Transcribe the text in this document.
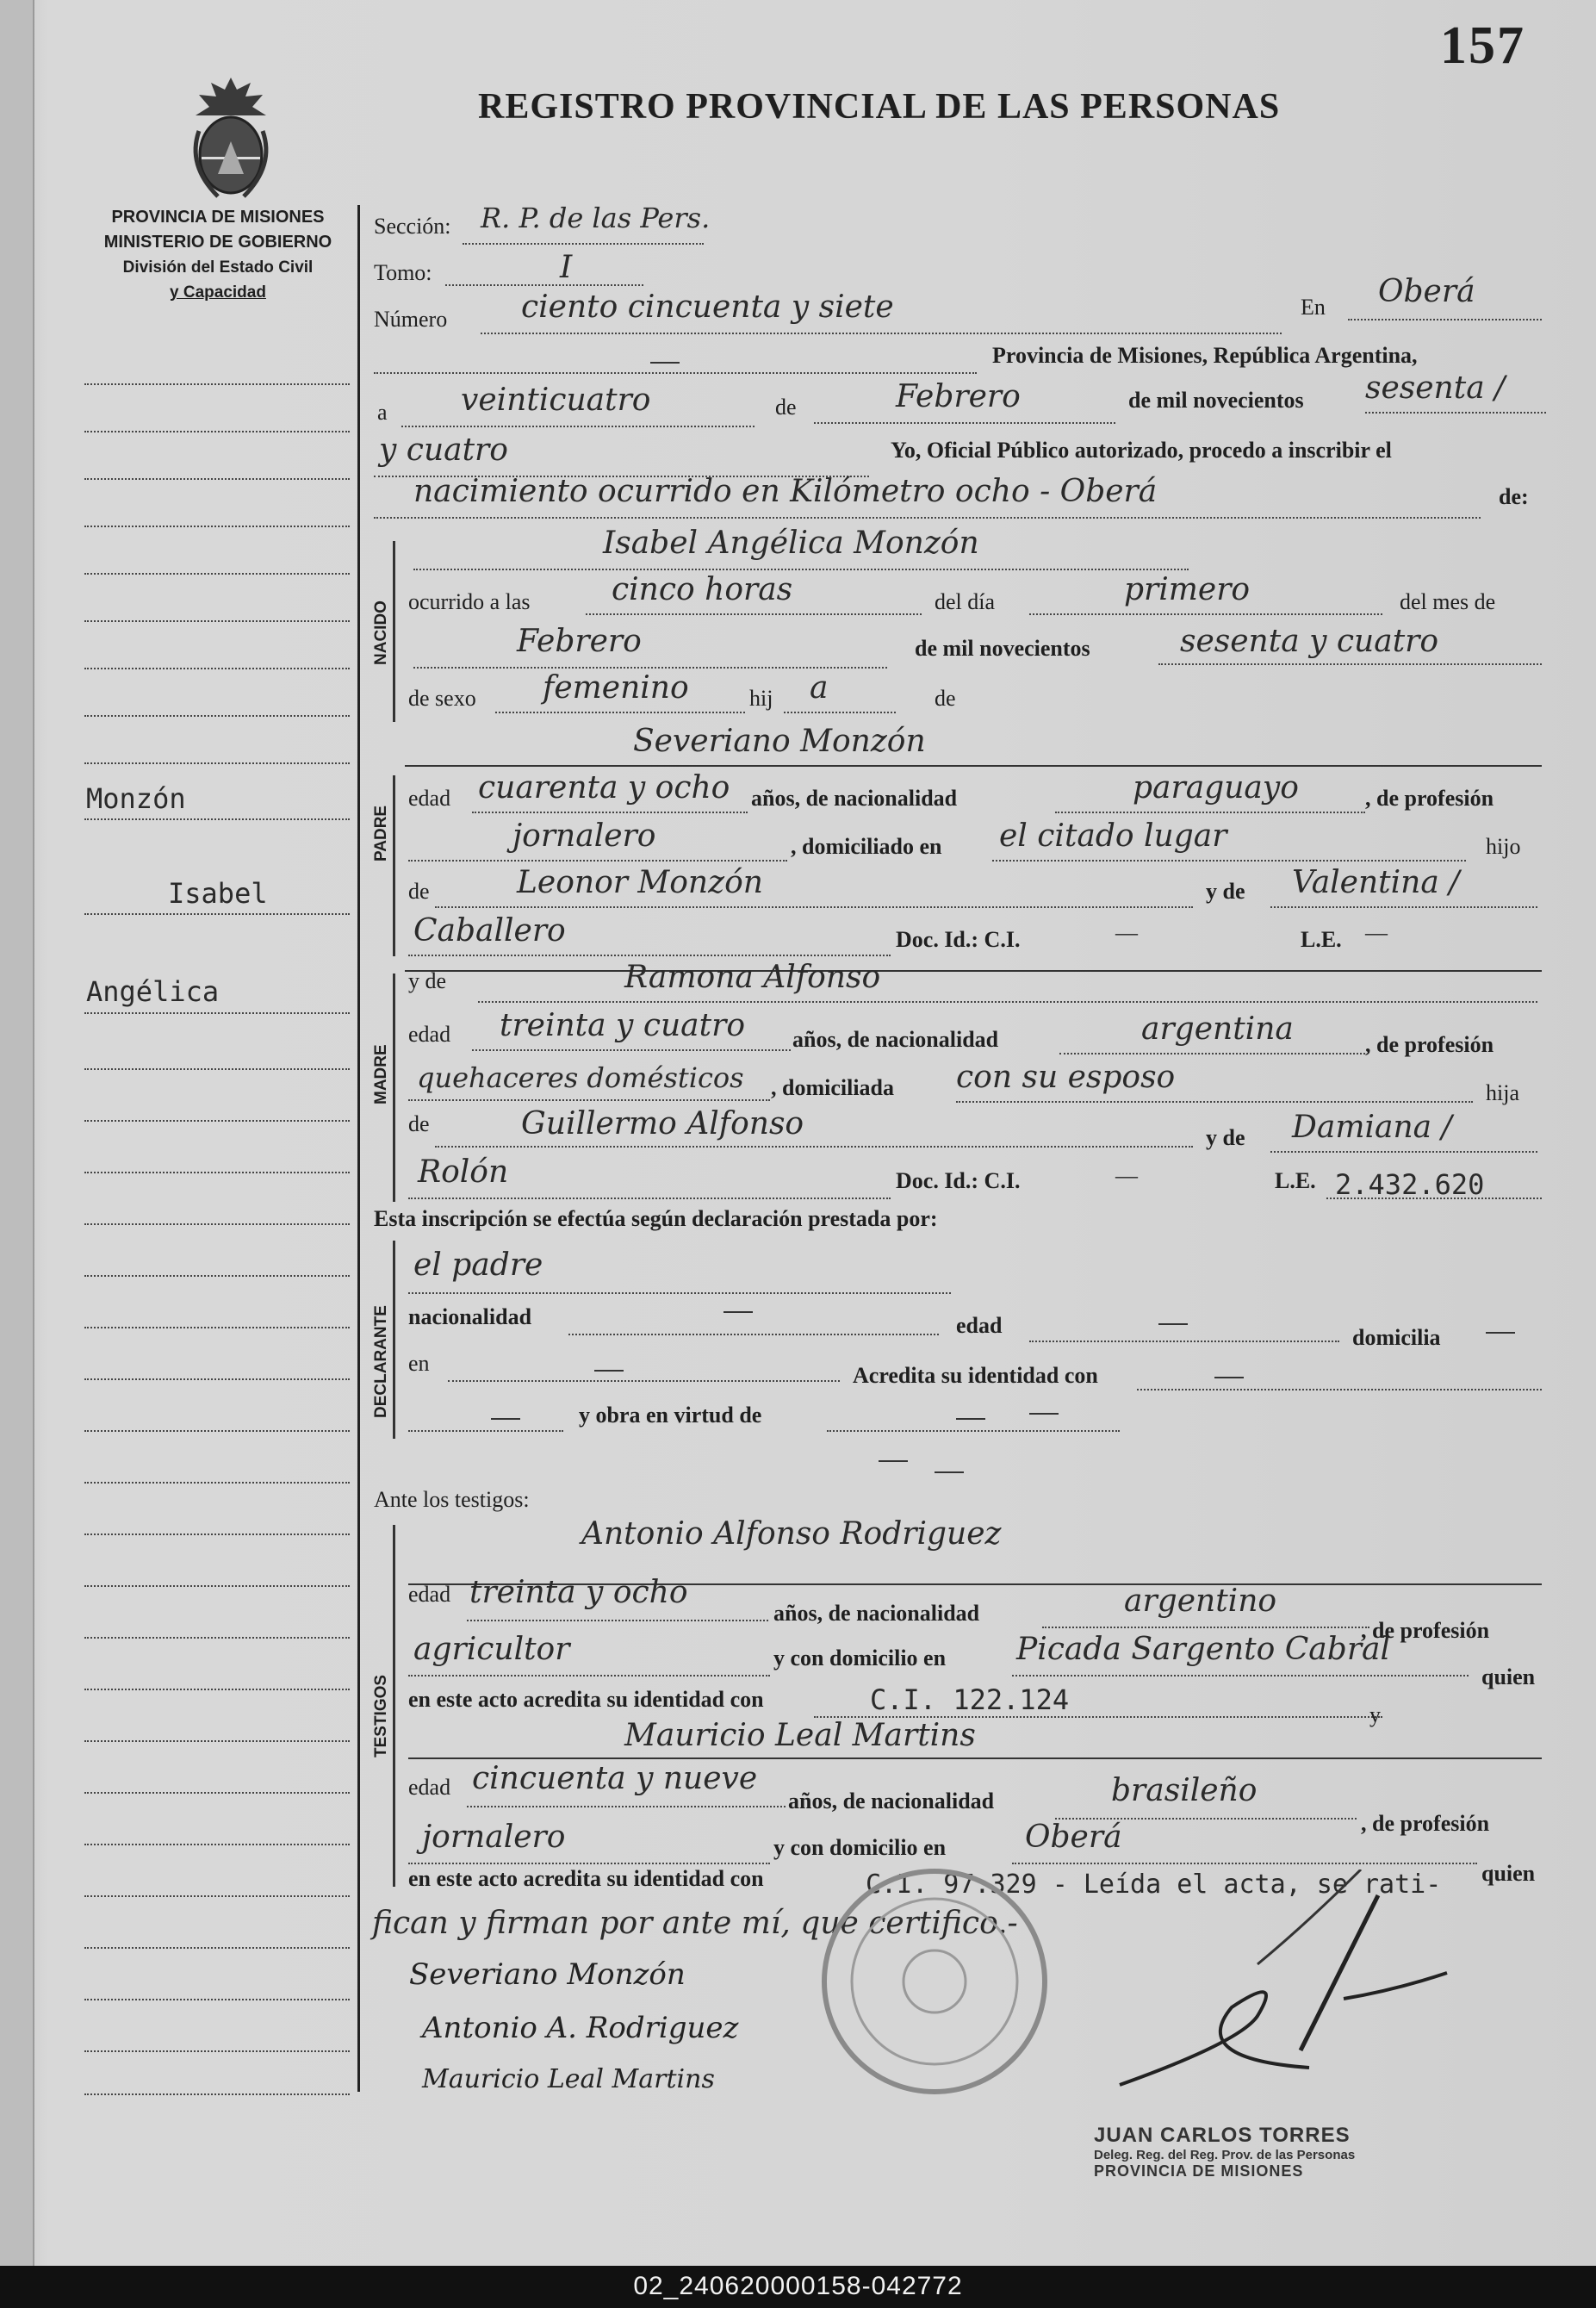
157
REGISTRO PROVINCIAL DE LAS PERSONAS
PROVINCIA DE MISIONES
MINISTERIO DE GOBIERNO
División del Estado Civil
y Capacidad
Monzón
Isabel
Angélica
Sección: R. P. de las Pers.
Tomo:	I
Número ciento cincuenta y siete	En Oberá
Provincia de Misiones, República Argentina,
a veinticuatro	de	Febrero	de mil novecientos sesenta /
y cuatro	Yo, Oficial Público autorizado, procedo a inscribir el
nacimiento ocurrido en Kilómetro ocho - Oberá	de:
NACIDO
Isabel Angélica Monzón
ocurrido a las	cinco horas	del día	primero	del mes de
Febrero	de mil novecientos	sesenta y cuatro
de sexo femenino	hij a	de
PADRE
Severiano Monzón
edad cuarenta y ocho años, de nacionalidad	paraguayo	, de profesión
jornalero	, domiciliado en el citado lugar	hijo
de	Leonor Monzón	y de Valentina /
Caballero	Doc. Id.: C.I.	—	L.E. —
MADRE
y de	Ramona Alfonso
edad treinta y cuatro años, de nacionalidad	argentina	, de profesión
quehaceres domésticos , domiciliada con su esposo	hija
de	Guillermo Alfonso	y de Damiana /
Rolón	Doc. Id.: C.I.	—	L.E. 2.432.620
Esta inscripción se efectúa según declaración prestada por:
DECLARANTE
el padre
nacionalidad	edad	domicilia
en	Acredita su identidad con
y obra en virtud de
Ante los testigos:
TESTIGOS
Antonio Alfonso Rodriguez
edad treinta y ocho
años, de nacionalidad	argentino
, de profesión
agricultor	y con domicilio en Picada Sargento Cabral
quien
en este acto acredita su identidad con	C.I. 122.124	y
Mauricio Leal Martins
edad cincuenta y nueve
años, de nacionalidad	brasileño
, de profesión
jornalero	y con domicilio en	Oberá
en este acto acredita su identidad con	C.I. 97.329 - Leída el acta, se rati- quien
fican y firman por ante mí, que certifico.-
Severiano Monzón
Antonio A. Rodriguez
Mauricio Leal Martins
JUAN CARLOS TORRES
Deleg. Reg. del Reg. Prov. de las Personas
PROVINCIA DE MISIONES
02_240620000158-042772
